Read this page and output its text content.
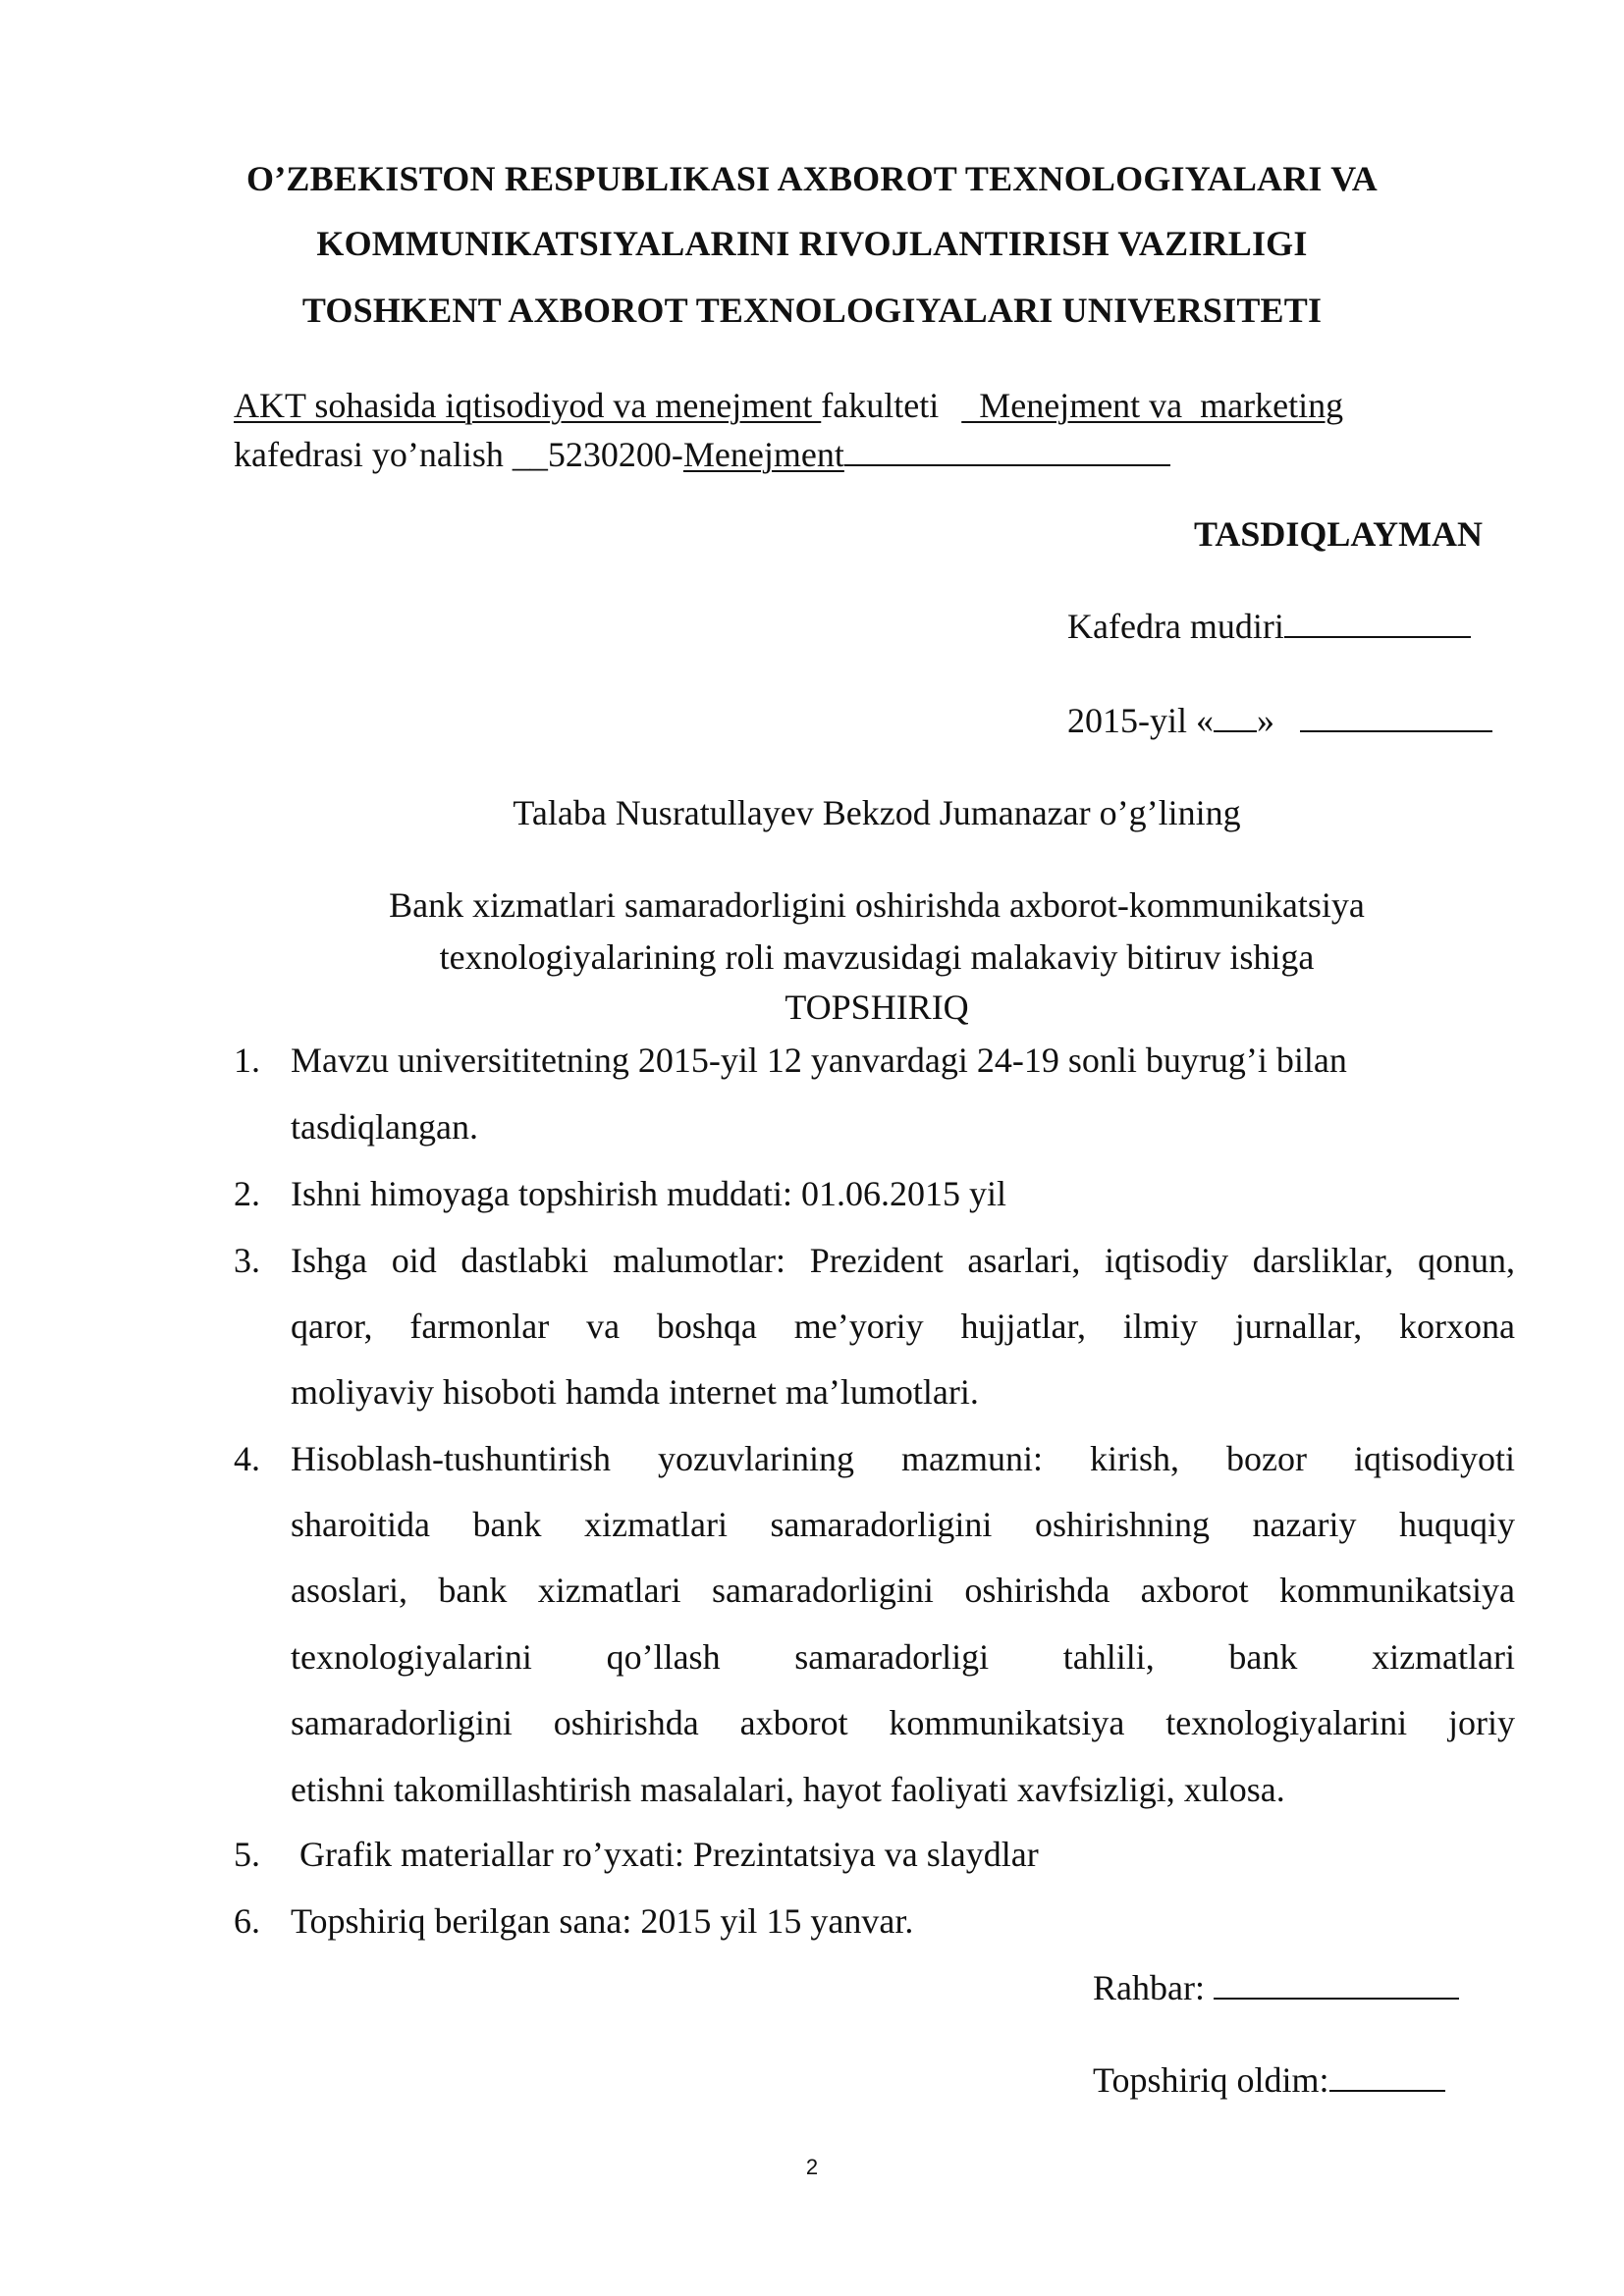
O’ZBEKISTON RESPUBLIKASI AXBOROT TEXNOLOGIYALARI VA
KOMMUNIKATSIYALARINI RIVOJLANTIRISH VAZIRLIGI
TOSHKENT AXBOROT TEXNOLOGIYALARI UNIVERSITETI
AKT sohasida iqtisodiyod va menejment fakulteti   Menejment va  marketing
kafedrasi yo’nalish __5230200-Menejment
TASDIQLAYMAN
Kafedra mudiri
2015-yil « »
Talaba Nusratullayev Bekzod Jumanazar o’g’lining
Bank xizmatlari samaradorligini oshirishda axborot-kommunikatsiya
texnologiyalarining roli mavzusidagi malakaviy bitiruv ishiga
TOPSHIRIQ
1. Mavzu universititetning 2015-yil 12 yanvardagi 24-19 sonli buyrug’i bilan
tasdiqlangan.
2. Ishni himoyaga topshirish muddati: 01.06.2015 yil
3. Ishga oid dastlabki malumotlar: Prezident asarlari, iqtisodiy darsliklar, qonun,
qaror, farmonlar va boshqa me’yoriy hujjatlar, ilmiy jurnallar, korxona
moliyaviy hisoboti hamda internet ma’lumotlari.
4. Hisoblash-tushuntirish yozuvlarining mazmuni: kirish, bozor iqtisodiyoti
sharoitida bank xizmatlari samaradorligini oshirishning nazariy huquqiy
asoslari, bank xizmatlari samaradorligini oshirishda axborot kommunikatsiya
texnologiyalarini qo’llash samaradorligi tahlili, bank xizmatlari
samaradorligini oshirishda axborot kommunikatsiya texnologiyalarini joriy
etishni takomillashtirish masalalari, hayot faoliyati xavfsizligi, xulosa.
5. Grafik materiallar ro’yxati: Prezintatsiya va slaydlar
6. Topshiriq berilgan sana: 2015 yil 15 yanvar.
Rahbar:
Topshiriq oldim:
2
